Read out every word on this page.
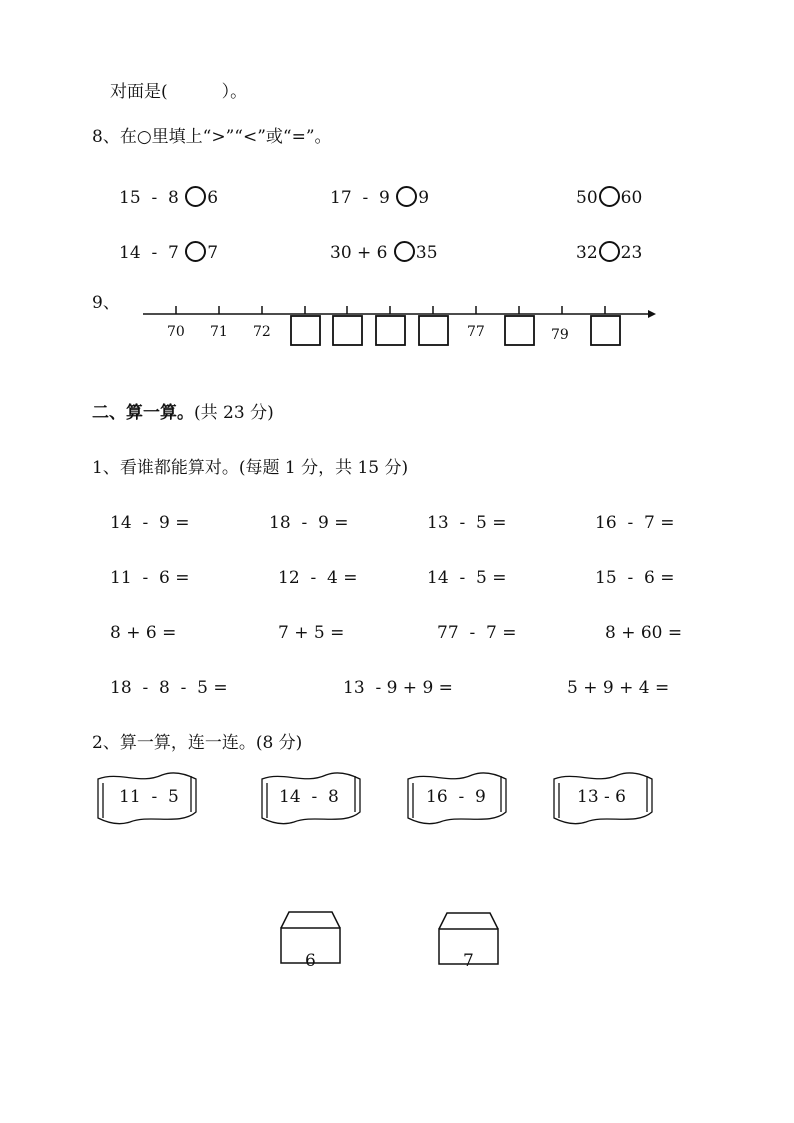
对面是(          ）。
8、在○里填上“>”“<”或“=”。
15  -  8 6	17  -  9 9	50 60
14  -  7 7	30 + 6 35	32 23
9、
70 71 72	77	79
二、算一算。(共 23 分)
1、看谁都能算对。(每题 1 分，共 15 分)
14  -  9 =	18  -  9 =	13  -  5 =	16  -  7 =
11  -  6 =	12  -  4 =	14  -  5 =	15  -  6 =
8 + 6 =	7 + 5 =	77  -  7 =	8 + 60 =
18  -  8  -  5 =	13  - 9 + 9 =	5 + 9 + 4 =
2、算一算，连一连。(8 分)
11  -  5	14  -  8	16  -  9	13 - 6
6	7
